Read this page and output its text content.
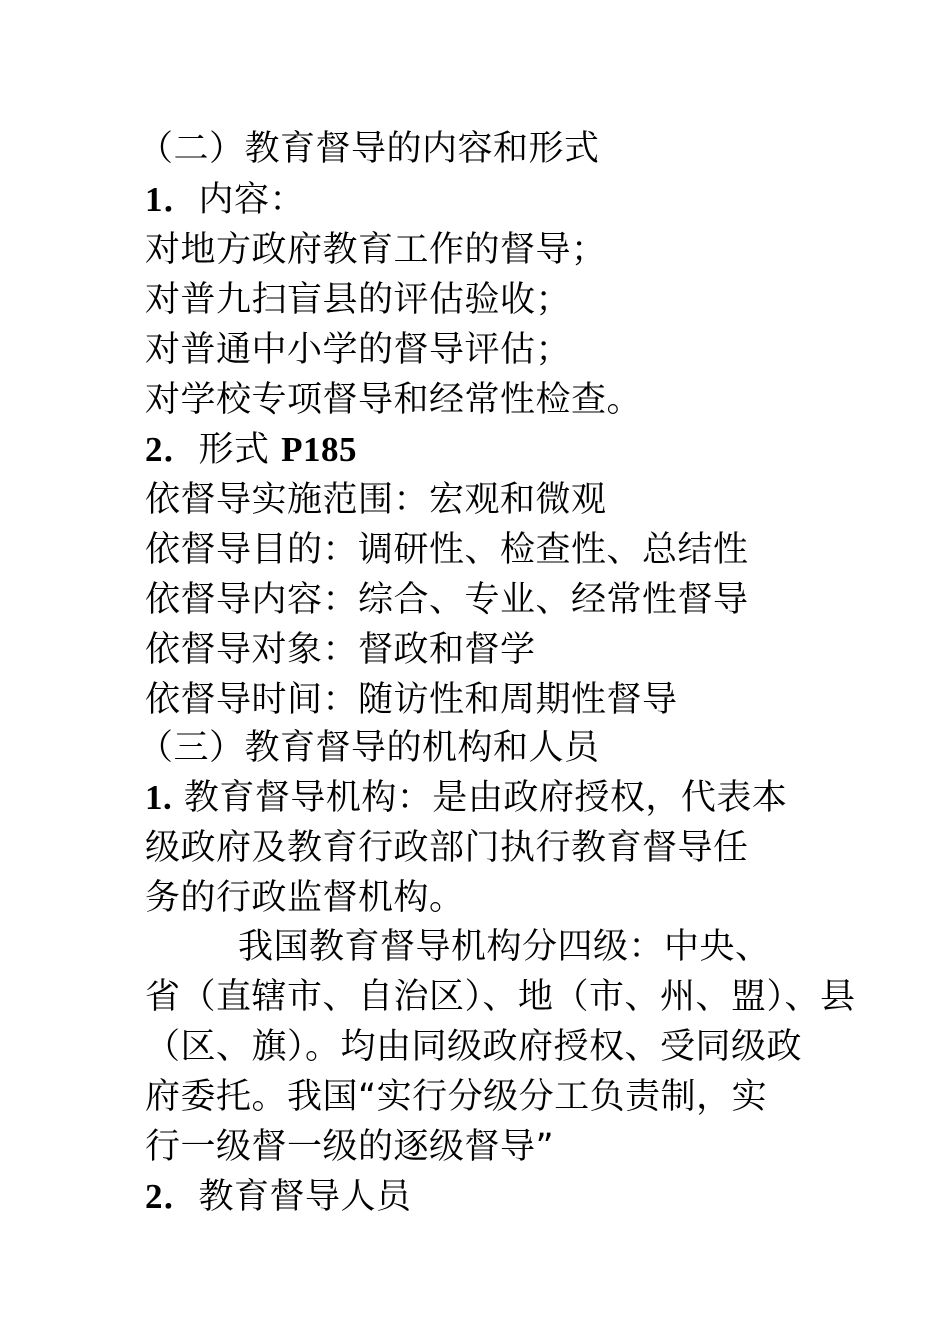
（二）教育督导的内容和形式
1．内容：
对地方政府教育工作的督导；
对普九扫盲县的评估验收；
对普通中小学的督导评估；
对学校专项督导和经常性检查。
2．形式 P185
依督导实施范围：宏观和微观
依督导目的：调研性、检查性、总结性
依督导内容：综合、专业、经常性督导
依督导对象：督政和督学
依督导时间：随访性和周期性督导
（三）教育督导的机构和人员
1. 教育督导机构：是由政府授权，代表本
级政府及教育行政部门执行教育督导任
务的行政监督机构。
我国教育督导机构分四级：中央、
省（直辖市、自治区）、地（市、州、盟）、县
（区、旗）。均由同级政府授权、受同级政
府委托。我国“实行分级分工负责制，实
行一级督一级的逐级督导”
2．教育督导人员
